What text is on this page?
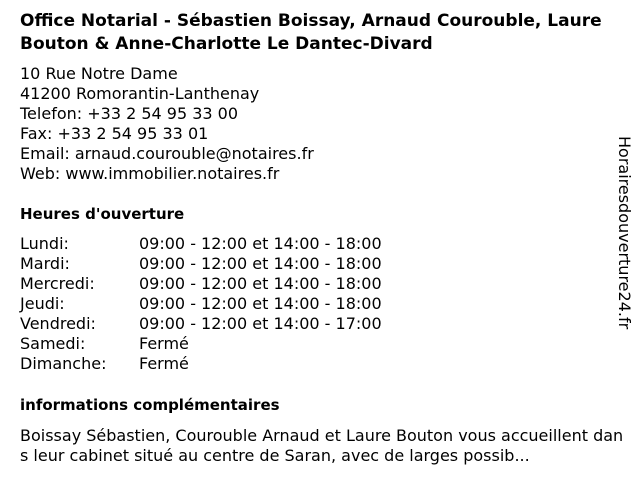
Office Notarial - Sébastien Boissay, Arnaud Courouble, Laure Bouton & Anne-Charlotte Le Dantec-Divard
10 Rue Notre Dame
41200 Romorantin-Lanthenay
Telefon: +33 2 54 95 33 00
Fax: +33 2 54 95 33 01
Email: arnaud.courouble@notaires.fr
Web: www.immobilier.notaires.fr
Heures d'ouverture
Lundi:	09:00 - 12:00 et 14:00 - 18:00
Mardi:	09:00 - 12:00 et 14:00 - 18:00
Mercredi:	09:00 - 12:00 et 14:00 - 18:00
Jeudi:	09:00 - 12:00 et 14:00 - 18:00
Vendredi:	09:00 - 12:00 et 14:00 - 17:00
Samedi:	Fermé
Dimanche: Fermé
informations complémentaires
Boissay Sébastien, Courouble Arnaud et Laure Bouton vous accueillent dans leur cabinet situé au centre de Saran, avec de larges possib...
Horairesdouverture24.fr
